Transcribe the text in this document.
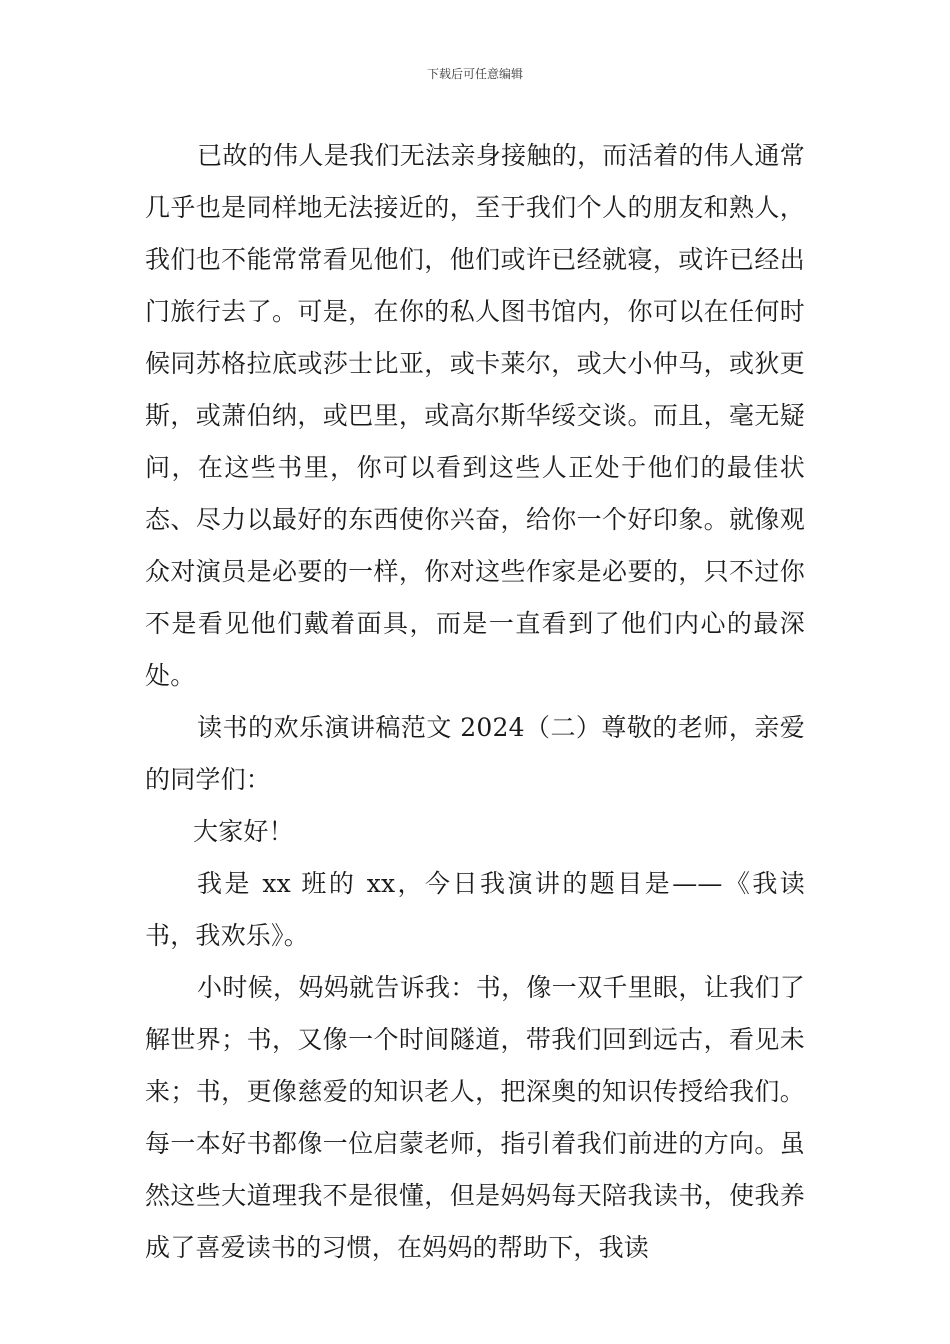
下载后可任意编辑

已故的伟人是我们无法亲身接触的，而活着的伟人通常几乎也是同样地无法接近的，至于我们个人的朋友和熟人，我们也不能常常看见他们，他们或许已经就寝，或许已经出门旅行去了。可是，在你的私人图书馆内，你可以在任何时候同苏格拉底或莎士比亚，或卡莱尔，或大小仲马，或狄更斯，或萧伯纳，或巴里，或高尔斯华绥交谈。而且，毫无疑问，在这些书里，你可以看到这些人正处于他们的最佳状态、尽力以最好的东西使你兴奋，给你一个好印象。就像观众对演员是必要的一样，你对这些作家是必要的，只不过你不是看见他们戴着面具，而是一直看到了他们内心的最深处。

读书的欢乐演讲稿范文 2024（二）尊敬的老师，亲爱的同学们：

大家好！

我是 xx 班的 xx，今日我演讲的题目是——《我读书，我欢乐》。

小时候，妈妈就告诉我：书，像一双千里眼，让我们了解世界；书，又像一个时间隧道，带我们回到远古，看见未来；书，更像慈爱的知识老人，把深奥的知识传授给我们。每一本好书都像一位启蒙老师，指引着我们前进的方向。虽然这些大道理我不是很懂，但是妈妈每天陪我读书，使我养成了喜爱读书的习惯，在妈妈的帮助下，我读
